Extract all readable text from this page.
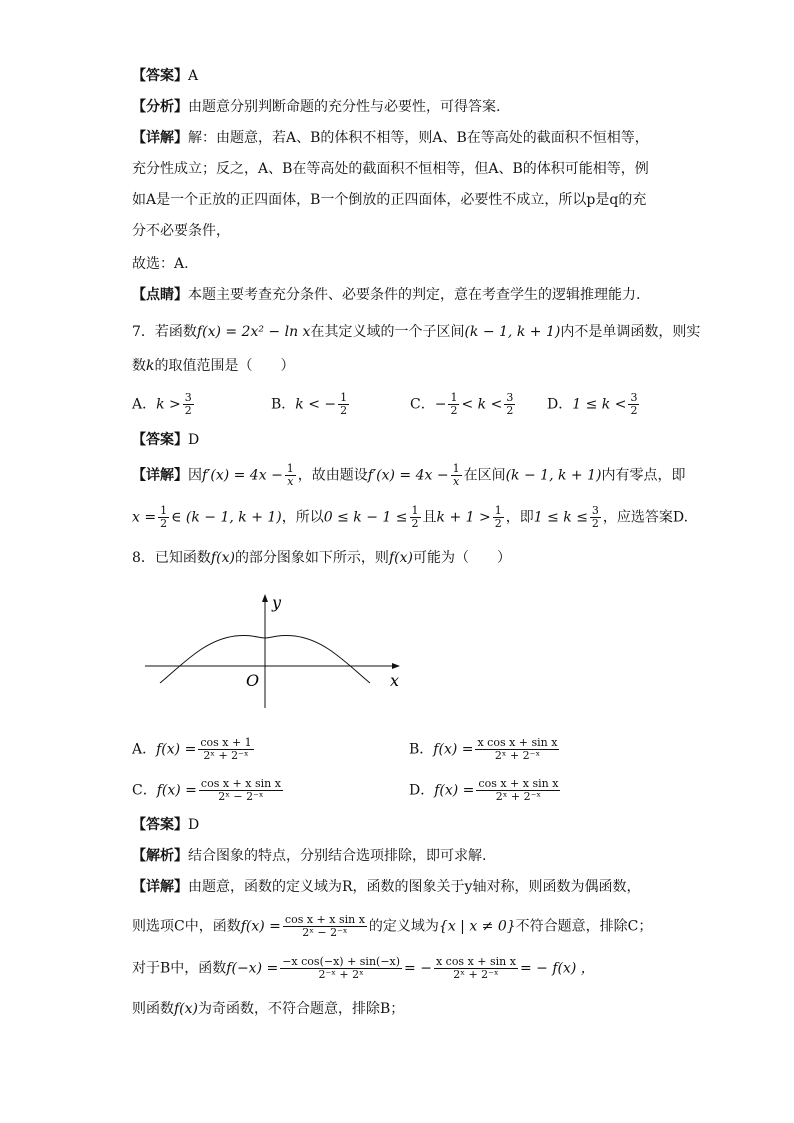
【答案】A
【分析】由题意分别判断命题的充分性与必要性，可得答案.
【详解】解：由题意，若A、B的体积不相等，则A、B在等高处的截面积不恒相等，
充分性成立；反之，A、B在等高处的截面积不恒相等，但A、B的体积可能相等，例
如A是一个正放的正四面体，B一个倒放的正四面体，必要性不成立，所以p是q的充
分不必要条件，
故选：A.
【点睛】本题主要考查充分条件、必要条件的判定，意在考查学生的逻辑推理能力.
7．若函数f(x) = 2x² − ln x在其定义域的一个子区间(k − 1, k + 1)内不是单调函数，则实
数k的取值范围是（　　）
A．$k > \frac{3}{2}$	B．k < − $\frac{1}{2}$	C．− $\frac{1}{2} < k < \frac{3}{2}$ D．$1 \le k < \frac{3}{2}$
【答案】D
【详解】因$f'(x) = 4x - \frac{1}{x}$ ，故由题设$f'(x) = 4x - \frac{1}{x}$ 在区间(k − 1, k + 1)内有零点，即
$x = \frac{1}{2}$ ∈ (k − 1, k + 1)，所以$0 \le k - 1 \le \frac{1}{2}$ 且$k + 1 > \frac{1}{2}$ ，即$1 \le k \le \frac{3}{2}$ ，应选答案D.
8．已知函数f(x)的部分图象如下所示，则f(x)可能为（　　）
y
x
O
A．$f(x) = \frac{\text{cos x + 1}}{\text{2ˣ + 2⁻ˣ}}$	B．$f(x) = \frac{\text{x cos x + sin x}}{\text{2ˣ + 2⁻ˣ}}$
C．$f(x) = \frac{\text{cos x + x sin x}}{\text{2ˣ − 2⁻ˣ}}$	D．$f(x) = \frac{\text{cos x + x sin x}}{\text{2ˣ + 2⁻ˣ}}$
【答案】D
【解析】结合图象的特点，分别结合选项排除，即可求解.
【详解】由题意，函数的定义域为R，函数的图象关于y轴对称，则函数为偶函数，
则选项C中，函数$f(x) = \frac{\text{cos x + x sin x}}{\text{2ˣ − 2⁻ˣ}}$ 的定义域为{x | x ≠ 0}不符合题意，排除C；
对于B中，函数$f(-x) = \frac{\text{−x cos(−x) + sin(−x)}}{\text{2⁻ˣ + 2ˣ}}$ = − $\frac{\text{x cos x + sin x}}{\text{2ˣ + 2⁻ˣ}}$ = − f(x) ，
则函数f(x)为奇函数，不符合题意，排除B；
